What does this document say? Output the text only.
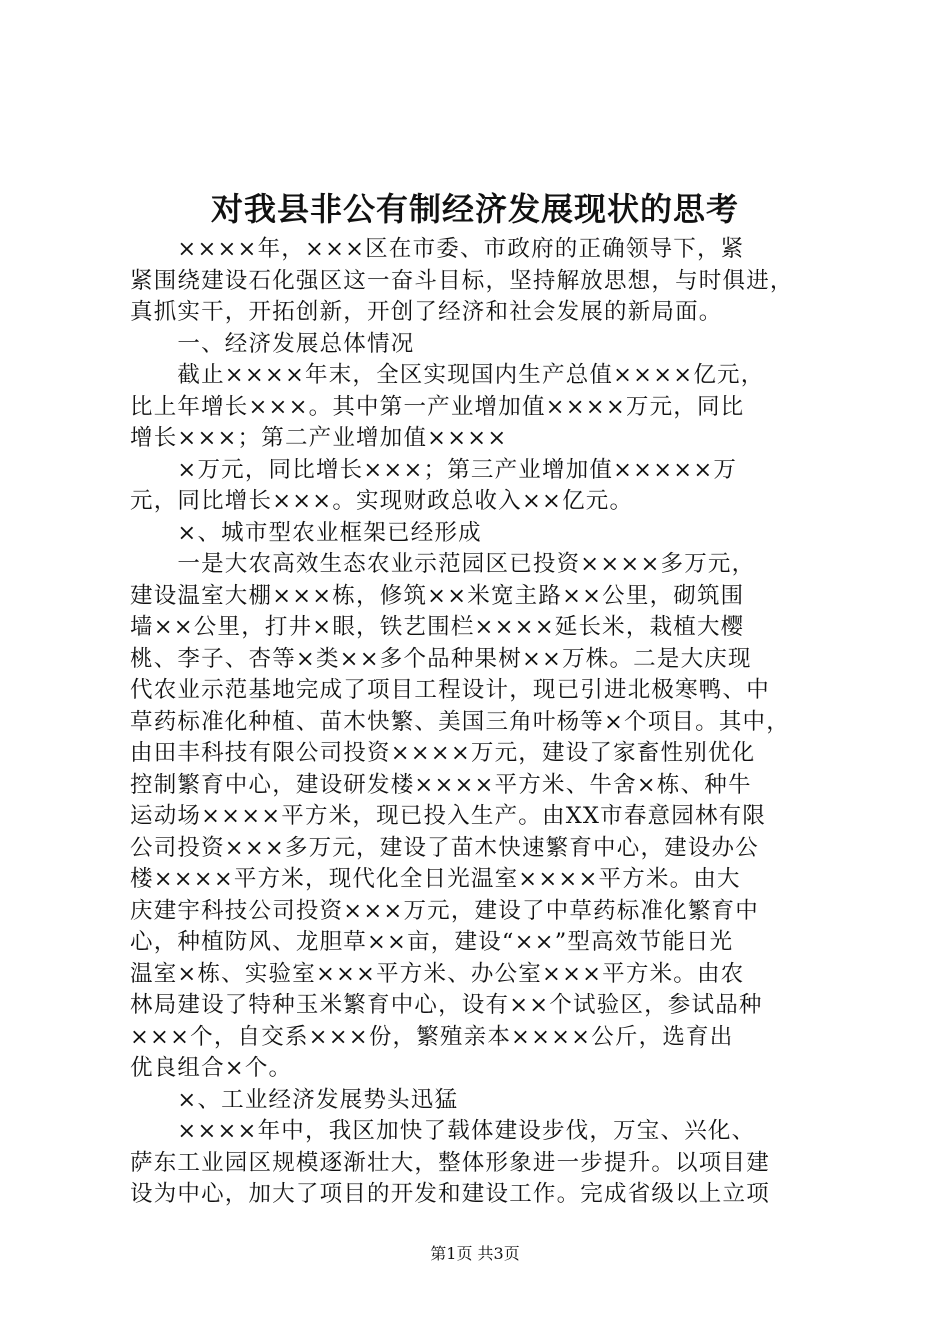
对我县非公有制经济发展现状的思考
　　××××年，×××区在市委、市政府的正确领导下，紧
紧围绕建设石化强区这一奋斗目标，坚持解放思想，与时俱进，
真抓实干，开拓创新，开创了经济和社会发展的新局面。
　　一、经济发展总体情况
　　截止××××年末，全区实现国内生产总值××××亿元，
比上年增长×××。其中第一产业增加值××××万元，同比
增长×××；第二产业增加值××××
　　×万元，同比增长×××；第三产业增加值×××××万
元，同比增长×××。实现财政总收入××亿元。
　　×、城市型农业框架已经形成
　　一是大农高效生态农业示范园区已投资××××多万元，
建设温室大棚×××栋，修筑××米宽主路××公里，砌筑围
墙××公里，打井×眼，铁艺围栏××××延长米，栽植大樱
桃、李子、杏等×类××多个品种果树××万株。二是大庆现
代农业示范基地完成了项目工程设计，现已引进北极寒鸭、中
草药标准化种植、苗木快繁、美国三角叶杨等×个项目。其中，
由田丰科技有限公司投资××××万元，建设了家畜性别优化
控制繁育中心，建设研发楼××××平方米、牛舍×栋、种牛
运动场××××平方米，现已投入生产。由XX市春意园林有限
公司投资×××多万元，建设了苗木快速繁育中心，建设办公
楼××××平方米，现代化全日光温室××××平方米。由大
庆建宇科技公司投资×××万元，建设了中草药标准化繁育中
心，种植防风、龙胆草××亩，建设“××”型高效节能日光
温室×栋、实验室×××平方米、办公室×××平方米。由农
林局建设了特种玉米繁育中心，设有××个试验区，参试品种
×××个，自交系×××份，繁殖亲本××××公斤，选育出
优良组合×个。
　　×、工业经济发展势头迅猛
　　××××年中，我区加快了载体建设步伐，万宝、兴化、
萨东工业园区规模逐渐壮大，整体形象进一步提升。以项目建
设为中心，加大了项目的开发和建设工作。完成省级以上立项
第1页 共3页
